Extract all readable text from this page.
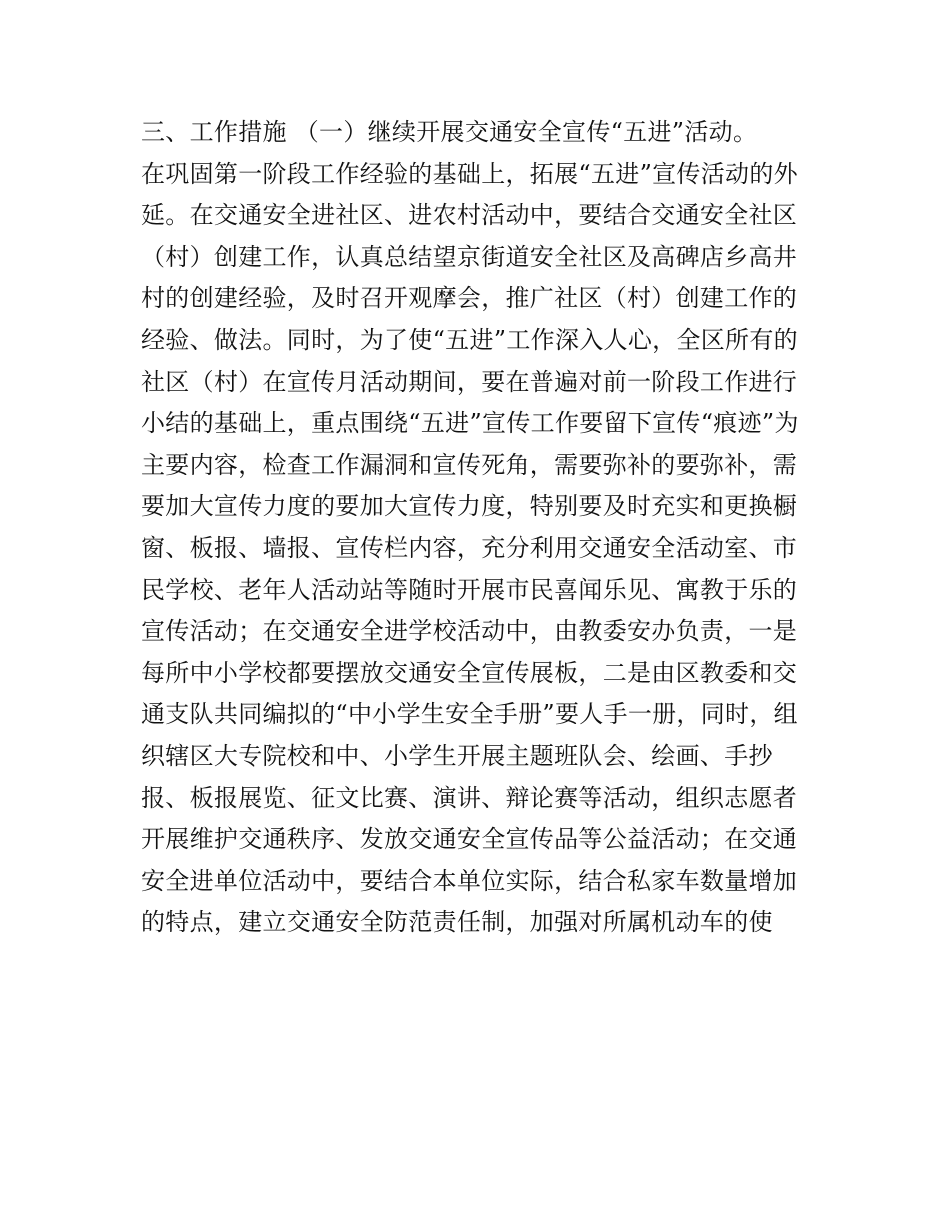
三、工作措施 （一）继续开展交通安全宣传“五进”活动。
在巩固第一阶段工作经验的基础上，拓展“五进”宣传活动的外
延。在交通安全进社区、进农村活动中，要结合交通安全社区
（村）创建工作，认真总结望京街道安全社区及高碑店乡高井
村的创建经验，及时召开观摩会，推广社区（村）创建工作的
经验、做法。同时，为了使“五进”工作深入人心，全区所有的
社区（村）在宣传月活动期间，要在普遍对前一阶段工作进行
小结的基础上，重点围绕“五进”宣传工作要留下宣传“痕迹”为
主要内容，检查工作漏洞和宣传死角，需要弥补的要弥补，需
要加大宣传力度的要加大宣传力度，特别要及时充实和更换橱
窗、板报、墙报、宣传栏内容，充分利用交通安全活动室、市
民学校、老年人活动站等随时开展市民喜闻乐见、寓教于乐的
宣传活动；在交通安全进学校活动中，由教委安办负责，一是
每所中小学校都要摆放交通安全宣传展板，二是由区教委和交
通支队共同编拟的“中小学生安全手册”要人手一册，同时，组
织辖区大专院校和中、小学生开展主题班队会、绘画、手抄
报、板报展览、征文比赛、演讲、辩论赛等活动，组织志愿者
开展维护交通秩序、发放交通安全宣传品等公益活动；在交通
安全进单位活动中，要结合本单位实际，结合私家车数量增加
的特点，建立交通安全防范责任制，加强对所属机动车的使
